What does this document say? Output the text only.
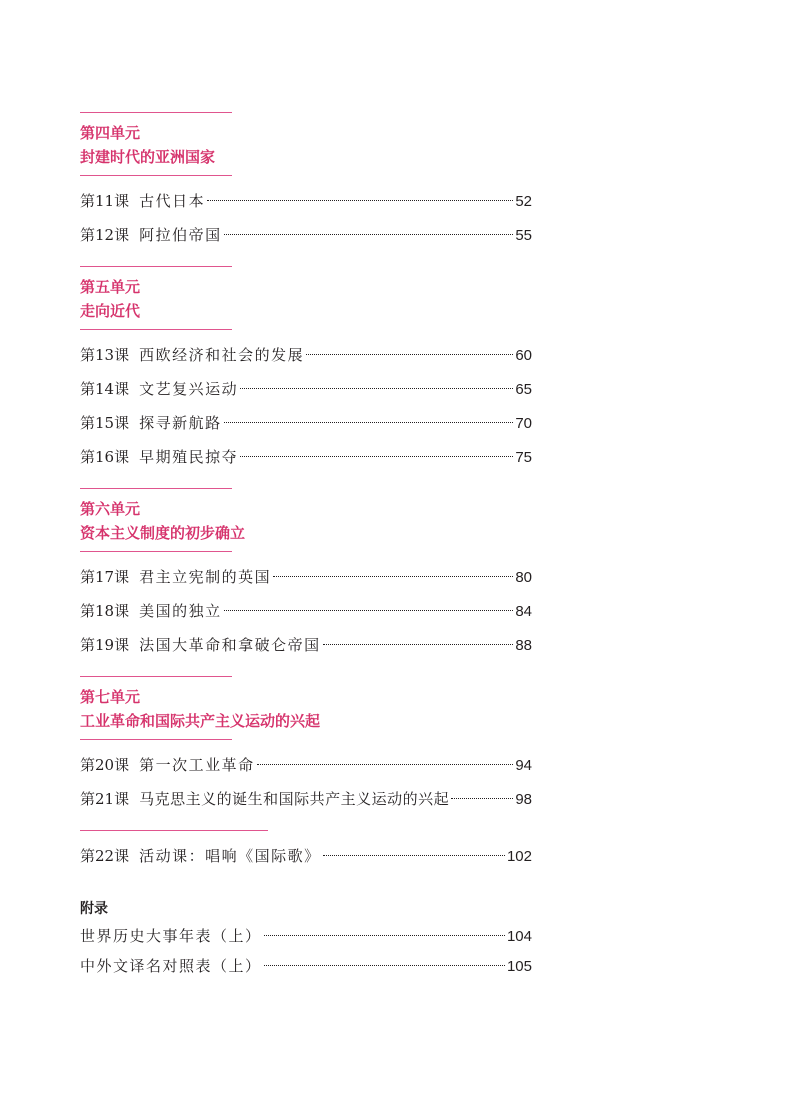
第四单元
封建时代的亚洲国家
第11课 古代日本	52
第12课 阿拉伯帝国	55
第五单元
走向近代
第13课 西欧经济和社会的发展	60
第14课 文艺复兴运动	65
第15课 探寻新航路	70
第16课 早期殖民掠夺	75
第六单元
资本主义制度的初步确立
第17课 君主立宪制的英国	80
第18课 美国的独立	84
第19课 法国大革命和拿破仑帝国	88
第七单元
工业革命和国际共产主义运动的兴起
第20课 第一次工业革命	94
第21课 马克思主义的诞生和国际共产主义运动的兴起	98
第22课 活动课：唱响《国际歌》	102
附录
世界历史大事年表（上）	104
中外文译名对照表（上）	105
